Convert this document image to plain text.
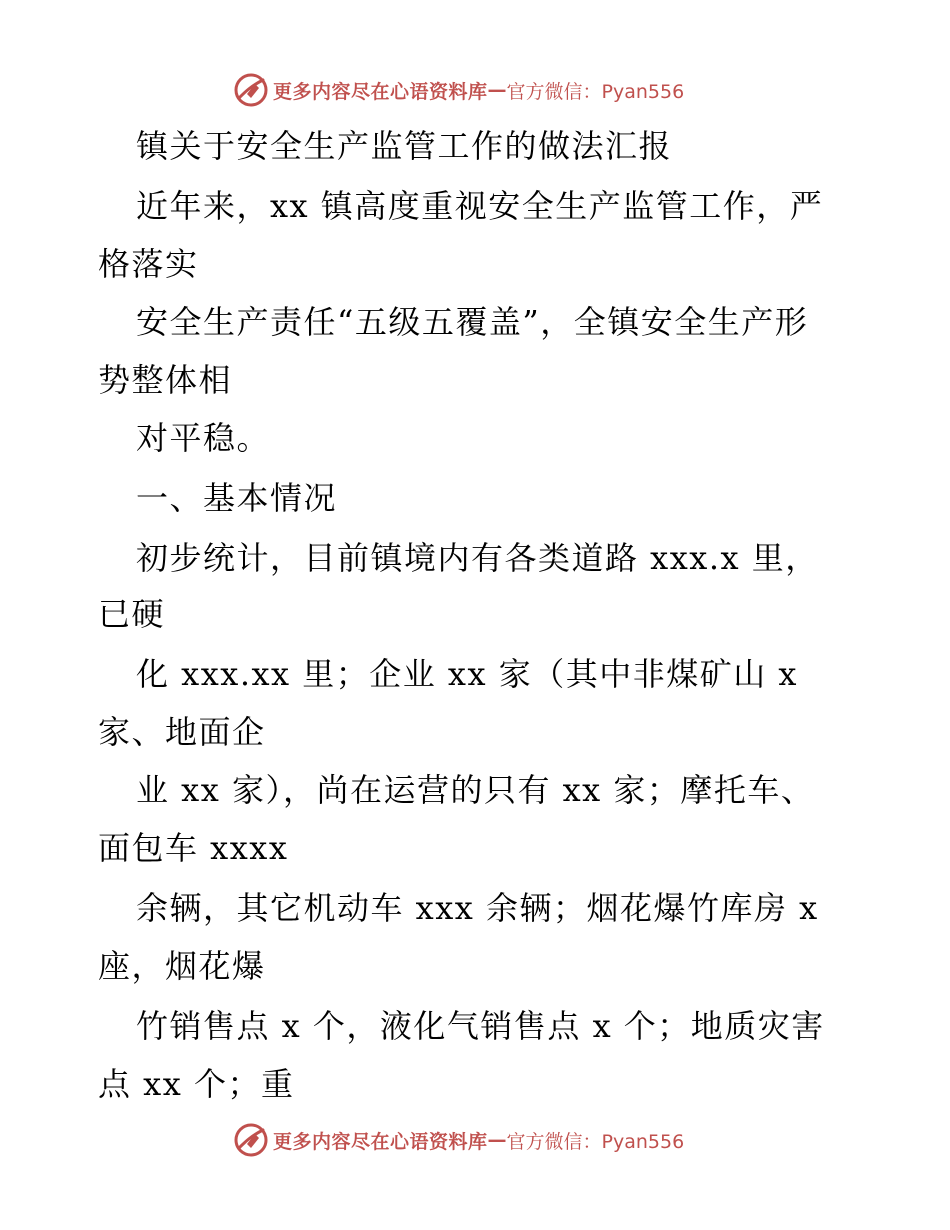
更多内容尽在心语资料库 — 官方微信：Pyan556
镇关于安全生产监管工作的做法汇报
近年来，xx 镇高度重视安全生产监管工作，严
格落实
安全生产责任“五级五覆盖”，全镇安全生产形
势整体相
对平稳。
一、基本情况
初步统计，目前镇境内有各类道路 xxx.x 里，
已硬
化 xxx.xx 里；企业 xx 家（其中非煤矿山 x
家、地面企
业 xx 家），尚在运营的只有 xx 家；摩托车、
面包车 xxxx
余辆，其它机动车 xxx 余辆；烟花爆竹库房 x
座，烟花爆
竹销售点 x 个，液化气销售点 x 个；地质灾害
点 xx 个；重
更多内容尽在心语资料库 — 官方微信：Pyan556
